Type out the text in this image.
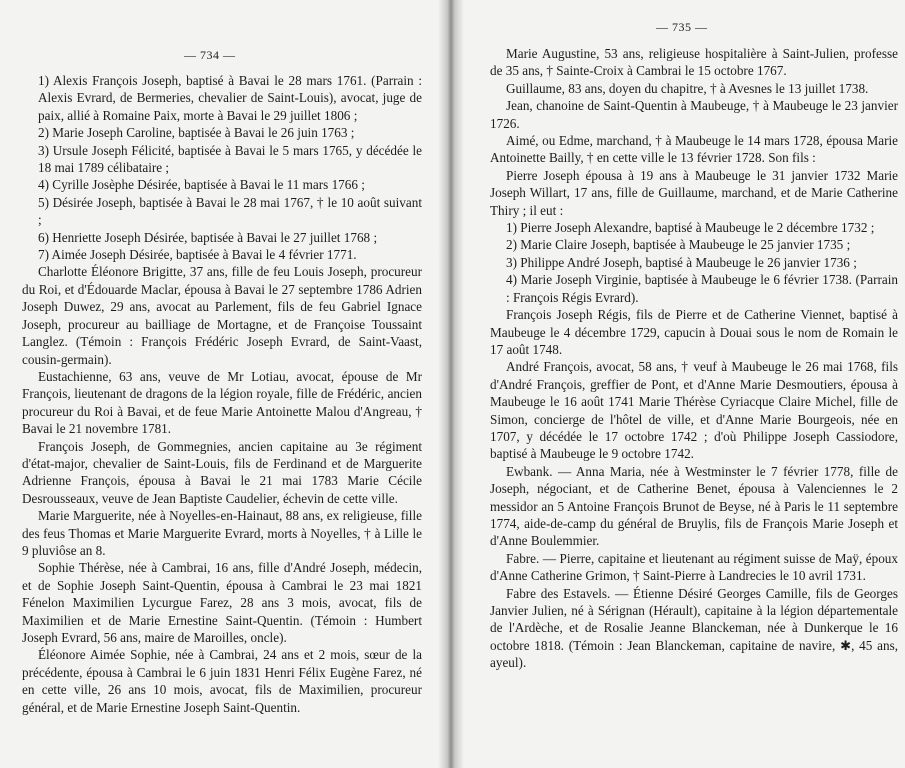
— 734 —

1) Alexis François Joseph, baptisé à Bavai le 28 mars 1761. (Parrain : Alexis Evrard, de Bermeries, chevalier de Saint-Louis), avocat, juge de paix, allié à Romaine Paix, morte à Bavai le 29 juillet 1806 ;

2) Marie Joseph Caroline, baptisée à Bavai le 26 juin 1763 ;

3) Ursule Joseph Félicité, baptisée à Bavai le 5 mars 1765, y décédée le 18 mai 1789 célibataire ;

4) Cyrille Josèphe Désirée, baptisée à Bavai le 11 mars 1766 ;

5) Désirée Joseph, baptisée à Bavai le 28 mai 1767, † le 10 août suivant ;

6) Henriette Joseph Désirée, baptisée à Bavai le 27 juillet 1768 ;

7) Aimée Joseph Désirée, baptisée à Bavai le 4 février 1771.

Charlotte Éléonore Brigitte, 37 ans, fille de feu Louis Joseph, procureur du Roi, et d'Édouarde Maclar, épousa à Bavai le 27 septembre 1786 Adrien Joseph Duwez, 29 ans, avocat au Parlement, fils de feu Gabriel Ignace Joseph, procureur au bailliage de Mortagne, et de Françoise Toussaint Langlez. (Témoin : François Frédéric Joseph Evrard, de Saint-Vaast, cousin-germain).

Eustachienne, 63 ans, veuve de Mr Lotiau, avocat, épouse de Mr François, lieutenant de dragons de la légion royale, fille de Frédéric, ancien procureur du Roi à Bavai, et de feue Marie Antoinette Malou d'Angreau, † Bavai le 21 novembre 1781.

François Joseph, de Gommegnies, ancien capitaine au 3e régiment d'état-major, chevalier de Saint-Louis, fils de Ferdinand et de Marguerite Adrienne François, épousa à Bavai le 21 mai 1783 Marie Cécile Desrousseaux, veuve de Jean Baptiste Caudelier, échevin de cette ville.

Marie Marguerite, née à Noyelles-en-Hainaut, 88 ans, ex religieuse, fille des feus Thomas et Marie Marguerite Evrard, morts à Noyelles, † à Lille le 9 pluviôse an 8.

Sophie Thérèse, née à Cambrai, 16 ans, fille d'André Joseph, médecin, et de Sophie Joseph Saint-Quentin, épousa à Cambrai le 23 mai 1821 Fénelon Maximilien Lycurgue Farez, 28 ans 3 mois, avocat, fils de Maximilien et de Marie Ernestine Saint-Quentin. (Témoin : Humbert Joseph Evrard, 56 ans, maire de Maroilles, oncle).

Éléonore Aimée Sophie, née à Cambrai, 24 ans et 2 mois, sœur de la précédente, épousa à Cambrai le 6 juin 1831 Henri Félix Eugène Farez, né en cette ville, 26 ans 10 mois, avocat, fils de Maximilien, procureur général, et de Marie Ernestine Joseph Saint-Quentin.

— 735 —

Marie Augustine, 53 ans, religieuse hospitalière à Saint-Julien, professe de 35 ans, † Sainte-Croix à Cambrai le 15 octobre 1767.

Guillaume, 83 ans, doyen du chapitre, † à Avesnes le 13 juillet 1738.

Jean, chanoine de Saint-Quentin à Maubeuge, † à Maubeuge le 23 janvier 1726.

Aimé, ou Edme, marchand, † à Maubeuge le 14 mars 1728, épousa Marie Antoinette Bailly, † en cette ville le 13 février 1728. Son fils :

Pierre Joseph épousa à 19 ans à Maubeuge le 31 janvier 1732 Marie Joseph Willart, 17 ans, fille de Guillaume, marchand, et de Marie Catherine Thiry ; il eut :

1) Pierre Joseph Alexandre, baptisé à Maubeuge le 2 décembre 1732 ;

2) Marie Claire Joseph, baptisée à Maubeuge le 25 janvier 1735 ;

3) Philippe André Joseph, baptisé à Maubeuge le 26 janvier 1736 ;

4) Marie Joseph Virginie, baptisée à Maubeuge le 6 février 1738. (Parrain : François Régis Evrard).

François Joseph Régis, fils de Pierre et de Catherine Viennet, baptisé à Maubeuge le 4 décembre 1729, capucin à Douai sous le nom de Romain le 17 août 1748.

André François, avocat, 58 ans, † veuf à Maubeuge le 26 mai 1768, fils d'André François, greffier de Pont, et d'Anne Marie Desmoutiers, épousa à Maubeuge le 16 août 1741 Marie Thérèse Cyriacque Claire Michel, fille de Simon, concierge de l'hôtel de ville, et d'Anne Marie Bourgeois, née en 1707, y décédée le 17 octobre 1742 ; d'où Philippe Joseph Cassiodore, baptisé à Maubeuge le 9 octobre 1742.

Ewbank. — Anna Maria, née à Westminster le 7 février 1778, fille de Joseph, négociant, et de Catherine Benet, épousa à Valenciennes le 2 messidor an 5 Antoine François Brunot de Beyse, né à Paris le 11 septembre 1774, aide-de-camp du général de Bruylis, fils de François Marie Joseph et d'Anne Boulemmier.

Fabre. — Pierre, capitaine et lieutenant au régiment suisse de Maÿ, époux d'Anne Catherine Grimon, † Saint-Pierre à Landrecies le 10 avril 1731.

Fabre des Estavels. — Étienne Désiré Georges Camille, fils de Georges Janvier Julien, né à Sérignan (Hérault), capitaine à la légion départementale de l'Ardèche, et de Rosalie Jeanne Blanckeman, née à Dunkerque le 16 octobre 1818. (Témoin : Jean Blanckeman, capitaine de navire, ✱, 45 ans, ayeul).
